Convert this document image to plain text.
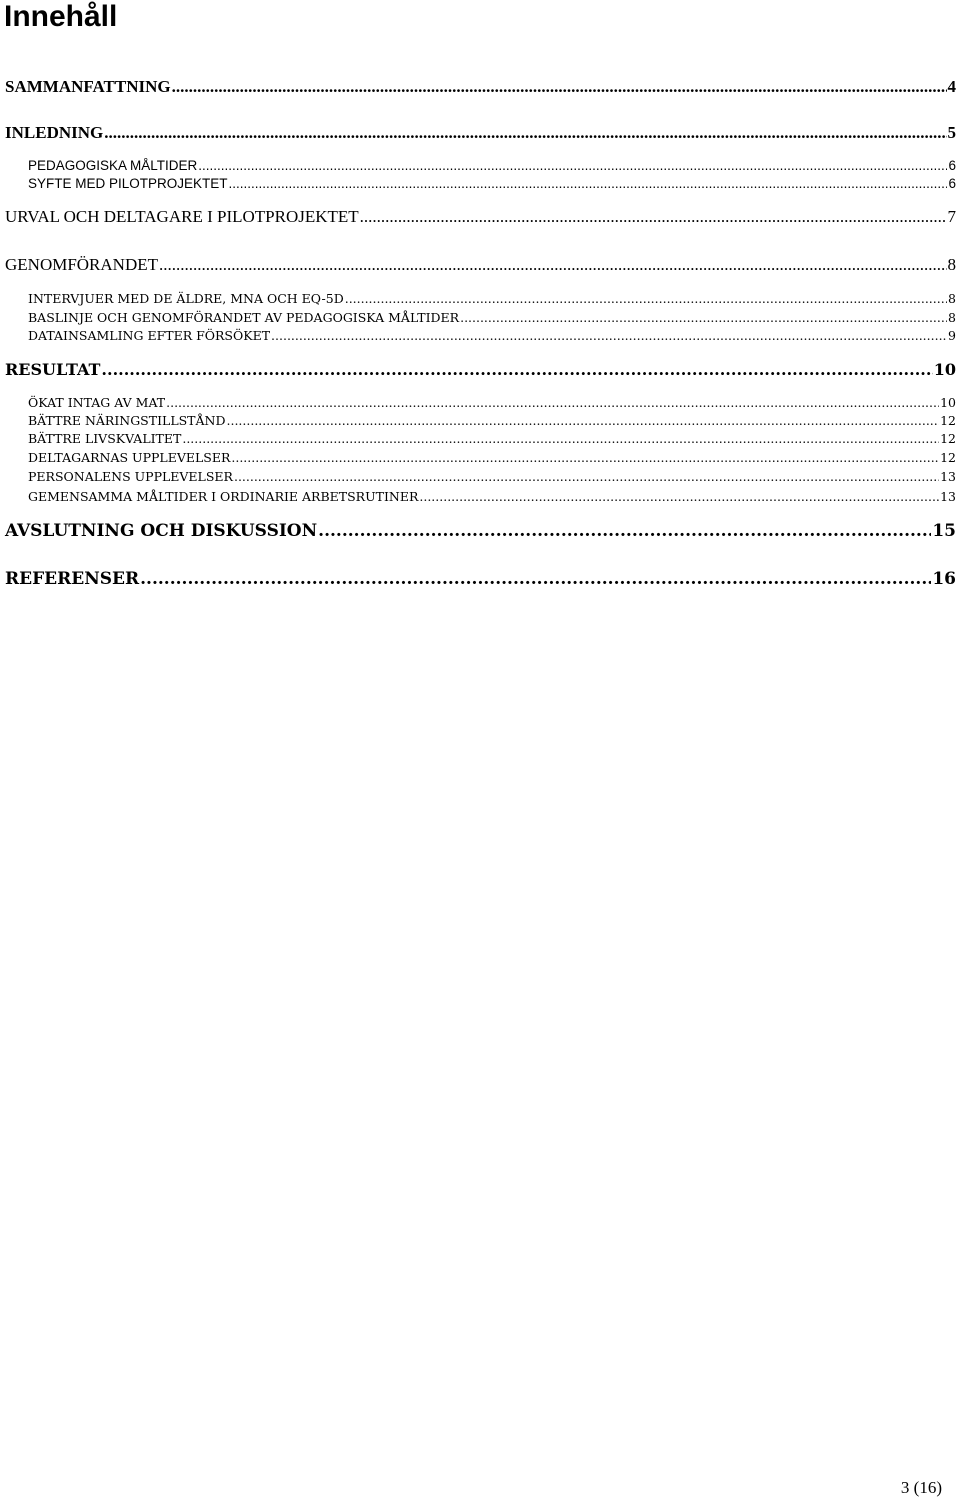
Innehåll
SAMMANFATTNING .....	4
INLEDNING .....	5
PEDAGOGISKA MÅLTIDER .....	6
SYFTE MED PILOTPROJEKTET .....	6
URVAL OCH DELTAGARE I PILOTPROJEKTET .....	7
GENOMFÖRANDET .....	8
INTERVJUER MED DE ÄLDRE, MNA OCH EQ-5D .....	8
BASLINJE OCH GENOMFÖRANDET AV PEDAGOGISKA MÅLTIDER .....	8
DATAINSAMLING EFTER FÖRSÖKET .....	9
RESULTAT .....	10
ÖKAT INTAG AV MAT .....	10
BÄTTRE NÄRINGSTILLSTÅND .....	12
BÄTTRE LIVSKVALITET .....	12
DELTAGARNAS UPPLEVELSER .....	12
PERSONALENS UPPLEVELSER .....	13
GEMENSAMMA MÅLTIDER I ORDINARIE ARBETSRUTINER .....	13
AVSLUTNING OCH DISKUSSION .....	15
REFERENSER .....	16
3 (16)
